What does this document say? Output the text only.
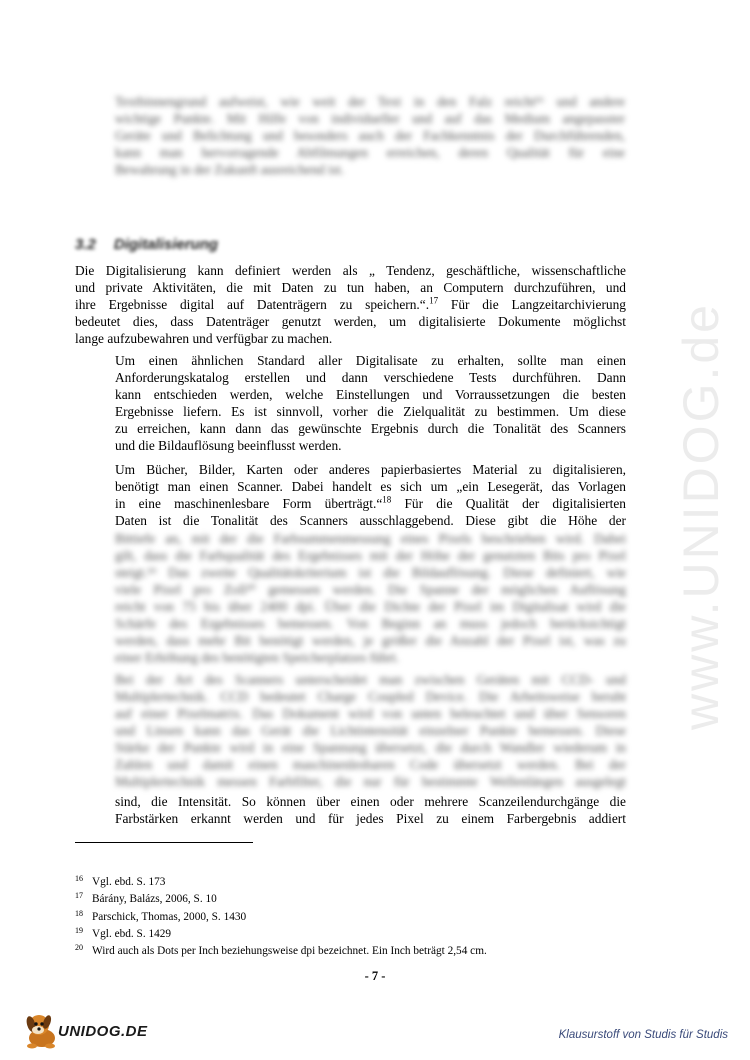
www.UNIDOG.de
Textbinnengrund aufweist, wie weit der Text in den Falz reicht¹⁶ und andere
wichtige Punkte. Mit Hilfe von individueller und auf das Medium angepasster
Geräte und Belichtung und besonders auch der Fachkenntnis der Durchführenden,
kann man hervorragende Abfilmungen erreichen, deren Qualität für eine
Bewahrung in der Zukunft ausreichend ist.
3.2 Digitalisierung
Die Digitalisierung kann definiert werden als „ Tendenz, geschäftliche, wissenschaftliche
und private Aktivitäten, die mit Daten zu tun haben, an Computern durchzuführen, und
ihre Ergebnisse digital auf Datenträgern zu speichern.“.$^{17}$ Für die Langzeitarchivierung
bedeutet dies, dass Datenträger genutzt werden, um digitalisierte Dokumente möglichst
lange aufzubewahren und verfügbar zu machen.
Um einen ähnlichen Standard aller Digitalisate zu erhalten, sollte man einen
Anforderungskatalog erstellen und dann verschiedene Tests durchführen. Dann
kann entschieden werden, welche Einstellungen und Vorraussetzungen die besten
Ergebnisse liefern. Es ist sinnvoll, vorher die Zielqualität zu bestimmen. Um diese
zu erreichen, kann dann das gewünschte Ergebnis durch die Tonalität des Scanners
und die Bildauflösung beeinflusst werden.
Um Bücher, Bilder, Karten oder anderes papierbasiertes Material zu digitalisieren,
benötigt man einen Scanner. Dabei handelt es sich um „ein Lesegerät, das Vorlagen
in eine maschinenlesbare Form überträgt.“$^{18}$ Für die Qualität der digitalisierten
Daten ist die Tonalität des Scanners ausschlaggebend. Diese gibt die Höhe der
Bittiefe an, mit der die Farbsummenmessung eines Pixels beschrieben wird. Dabei
gilt, dass die Farbqualität des Ergebnisses mit der Höhe der genutzten Bits pro Pixel
steigt.¹⁹ Das zweite Qualitätskriterium ist die Bildauflösung. Diese definiert, wie
viele Pixel pro Zoll²⁰ gemessen werden. Die Spanne der möglichen Auflösung
reicht von 75 bis über 2400 dpi. Über die Dichte der Pixel im Digitalisat wird die
Schärfe des Ergebnisses bemessen. Von Beginn an muss jedoch berücksichtigt
werden, dass mehr Bit benötigt werden, je größer die Anzahl der Pixel ist, was zu
einer Erhöhung des benötigten Speicherplatzes führt.
Bei der Art des Scanners unterscheidet man zwischen Geräten mit CCD- und
Multiplertechnik. CCD bedeutet Charge Coupled Device. Die Arbeitsweise beruht
auf einer Pixelmatrix. Das Dokument wird von unten beleuchtet und über Sensoren
und Linsen kann das Gerät die Lichtintensität einzelner Punkte bemessen. Diese
Stärke der Punkte wird in eine Spannung übersetzt, die durch Wandler wiederum in
Zahlen und damit einen maschinenlesbaren Code übersetzt werden. Bei der
Multiplertechnik messen Farbfilter, die nur für bestimmte Wellenlängen ausgelegt
sind, die Intensität. So können über einen oder mehrere Scanzeilendurchgänge die
Farbstärken erkannt werden und für jedes Pixel zu einem Farbergebnis addiert
$^{16}$ Vgl. ebd. S. 173
$^{17}$ Bárány, Balázs, 2006, S. 10
$^{18}$ Parschick, Thomas, 2000, S. 1430
$^{19}$ Vgl. ebd. S. 1429
$^{20}$ Wird auch als Dots per Inch beziehungsweise dpi bezeichnet. Ein Inch beträgt 2,54 cm.
- 7 -
UNIDOG.DE	Klausurstoff von Studis für Studis
